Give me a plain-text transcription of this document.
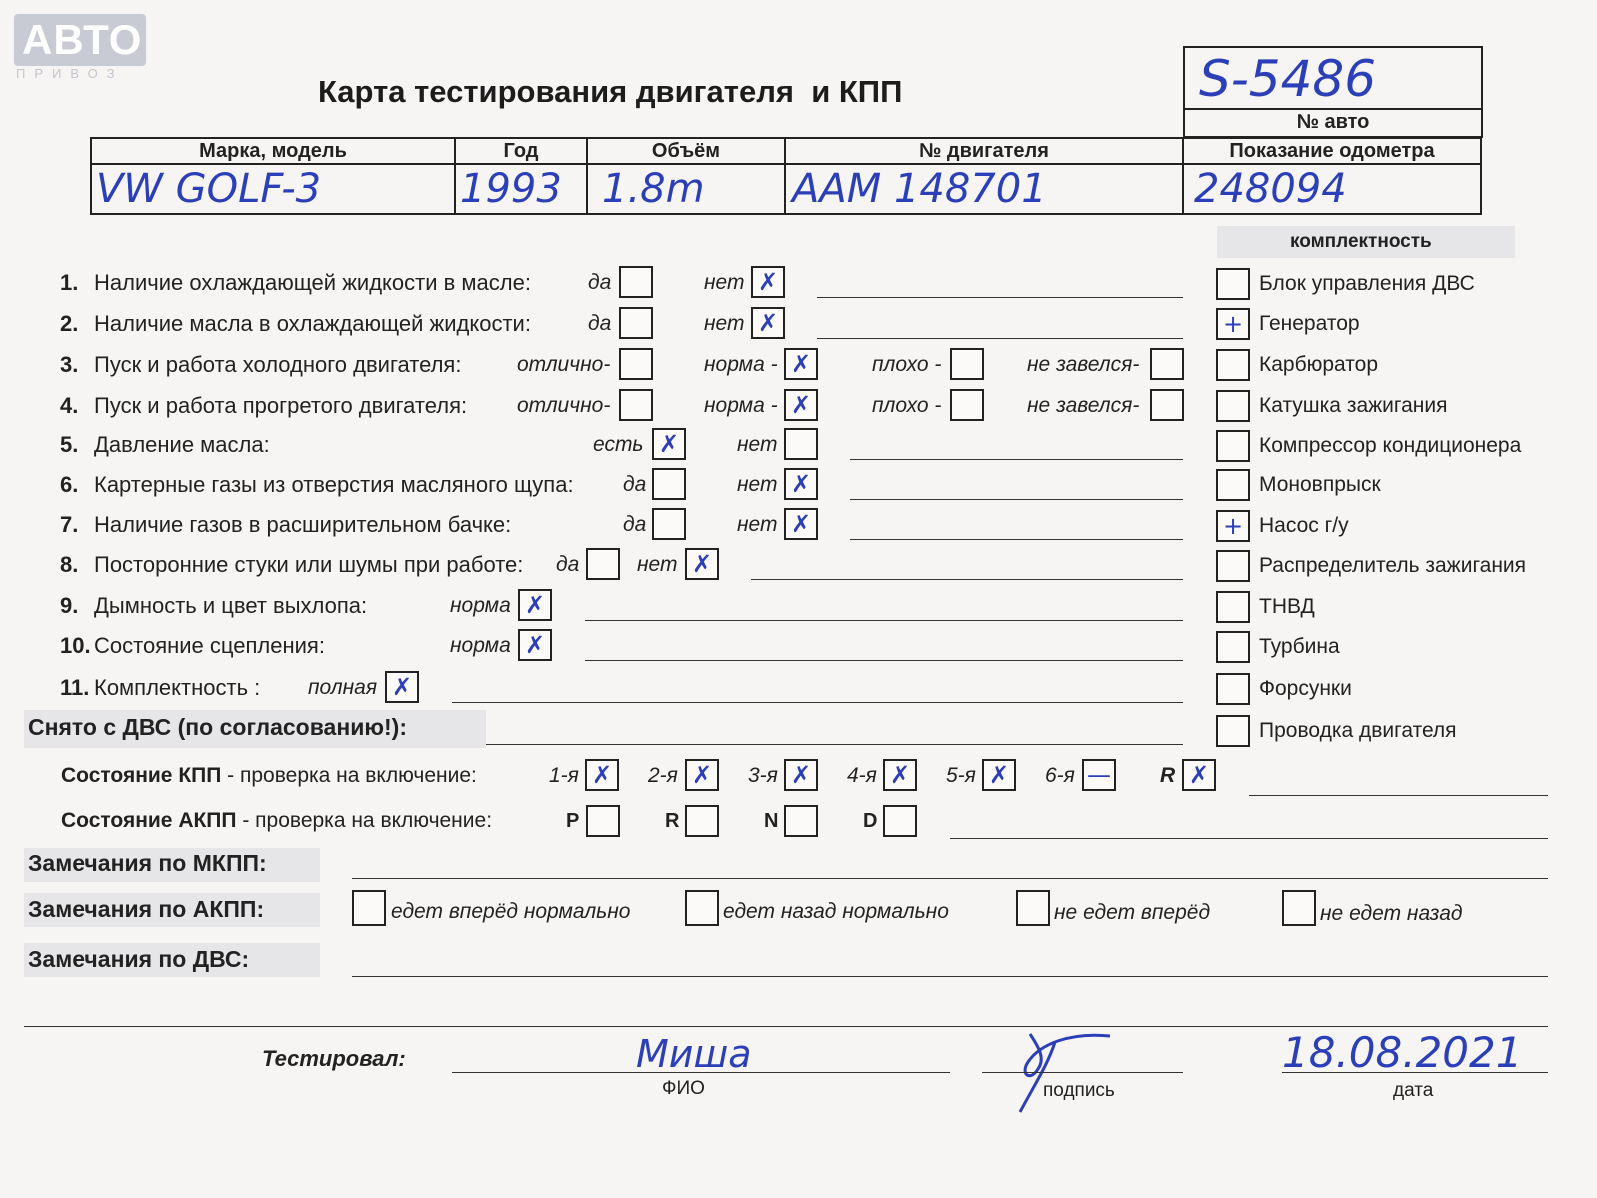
АВТО
ПРИВОЗ
Карта тестирования двигателя  и КПП	S-5486
№ авто
Марка, модель	Год	Объём	№ двигателя	Показание одометра

VW GOLF-3	1993	1.8m	AAM 148701	248094
комплектность
1. Наличие охлаждающей жидкости в масле:	да	нет ✗
2. Наличие масла в охлаждающей жидкости:	да	нет ✗
3. Пуск и работа холодного двигателя:	отлично-	норма - ✗	плохо -	не завелся-
4. Пуск и работа прогретого двигателя: отлично-	норма - ✗	плохо -	не завелся-
5. Давление масла:	есть ✗	нет
6. Картерные газы из отверстия масляного щупа: да	нет ✗
7. Наличие газов в расширительном бачке:	да	нет ✗
8. Посторонние стуки или шумы при работе: да	нет ✗
9. Дымность и цвет выхлопа:	норма ✗
10. Состояние сцепления:	норма ✗
11. Комплектность : полная ✗
Блок управления ДВС
+ Генератор
Карбюратор
Катушка зажигания
Компрессор кондиционера
Моновпрыск
+ Насос г/у
Распределитель зажигания
ТНВД
Турбина
Форсунки
Проводка двигателя
Снято с ДВС (по согласованию!):
Состояние КПП - проверка на включение:	1-я ✗ 2-я ✗ 3-я ✗ 4-я ✗ 5-я ✗ 6-я — R ✗
Состояние АКПП - проверка на включение:	P	R	N	D
Замечания по МКПП:
Замечания по АКПП:	едет вперёд нормально	едет назад нормально	не едет вперёд	не едет назад
Замечания по ДВС:
Тестировал:	Миша
ФИО	подпись
18.08.2021
дата
